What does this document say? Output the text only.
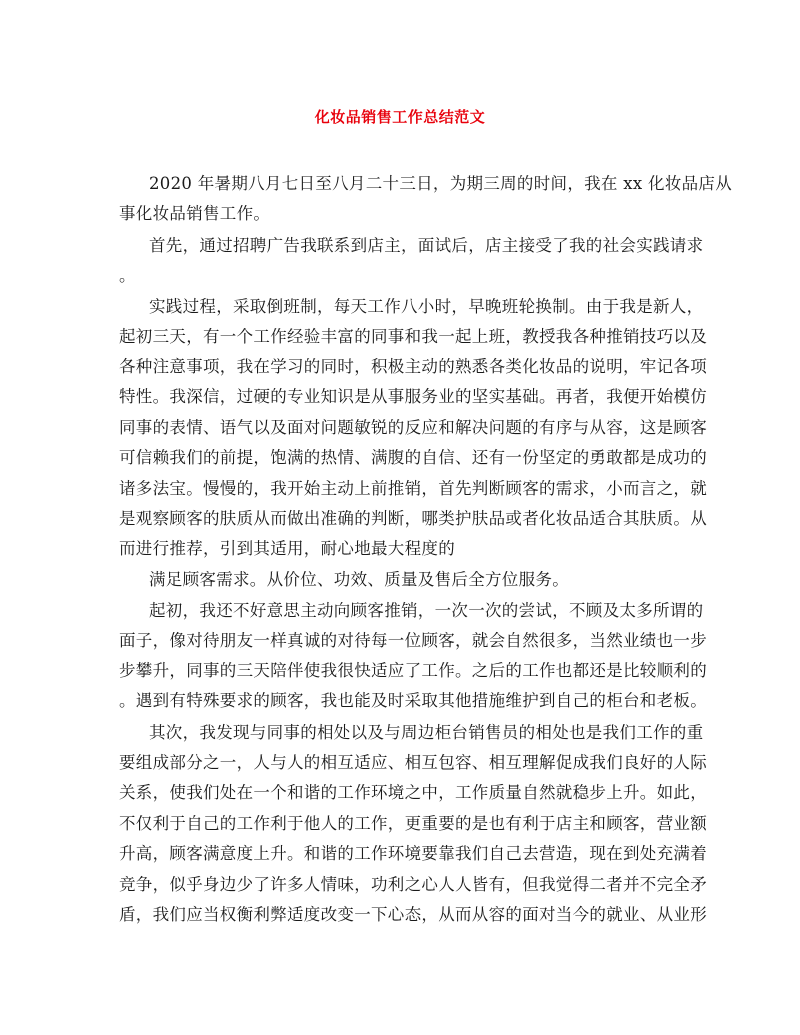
化妆品销售工作总结范文
2020 年暑期八月七日至八月二十三日，为期三周的时间，我在 xx 化妆品店从
事化妆品销售工作。
首先，通过招聘广告我联系到店主，面试后，店主接受了我的社会实践请求
。
实践过程，采取倒班制，每天工作八小时，早晚班轮换制。由于我是新人，
起初三天，有一个工作经验丰富的同事和我一起上班，教授我各种推销技巧以及
各种注意事项，我在学习的同时，积极主动的熟悉各类化妆品的说明，牢记各项
特性。我深信，过硬的专业知识是从事服务业的坚实基础。再者，我便开始模仿
同事的表情、语气以及面对问题敏锐的反应和解决问题的有序与从容，这是顾客
可信赖我们的前提，饱满的热情、满腹的自信、还有一份坚定的勇敢都是成功的
诸多法宝。慢慢的，我开始主动上前推销，首先判断顾客的需求，小而言之，就
是观察顾客的肤质从而做出准确的判断，哪类护肤品或者化妆品适合其肤质。从
而进行推荐，引到其适用，耐心地最大程度的
满足顾客需求。从价位、功效、质量及售后全方位服务。
起初，我还不好意思主动向顾客推销，一次一次的尝试，不顾及太多所谓的
面子，像对待朋友一样真诚的对待每一位顾客，就会自然很多，当然业绩也一步
步攀升，同事的三天陪伴使我很快适应了工作。之后的工作也都还是比较顺利的
。遇到有特殊要求的顾客，我也能及时采取其他措施维护到自己的柜台和老板。
其次，我发现与同事的相处以及与周边柜台销售员的相处也是我们工作的重
要组成部分之一，人与人的相互适应、相互包容、相互理解促成我们良好的人际
关系，使我们处在一个和谐的工作环境之中，工作质量自然就稳步上升。如此，
不仅利于自己的工作利于他人的工作，更重要的是也有利于店主和顾客，营业额
升高，顾客满意度上升。和谐的工作环境要靠我们自己去营造，现在到处充满着
竞争，似乎身边少了许多人情味，功利之心人人皆有，但我觉得二者并不完全矛
盾，我们应当权衡利弊适度改变一下心态，从而从容的面对当今的就业、从业形
